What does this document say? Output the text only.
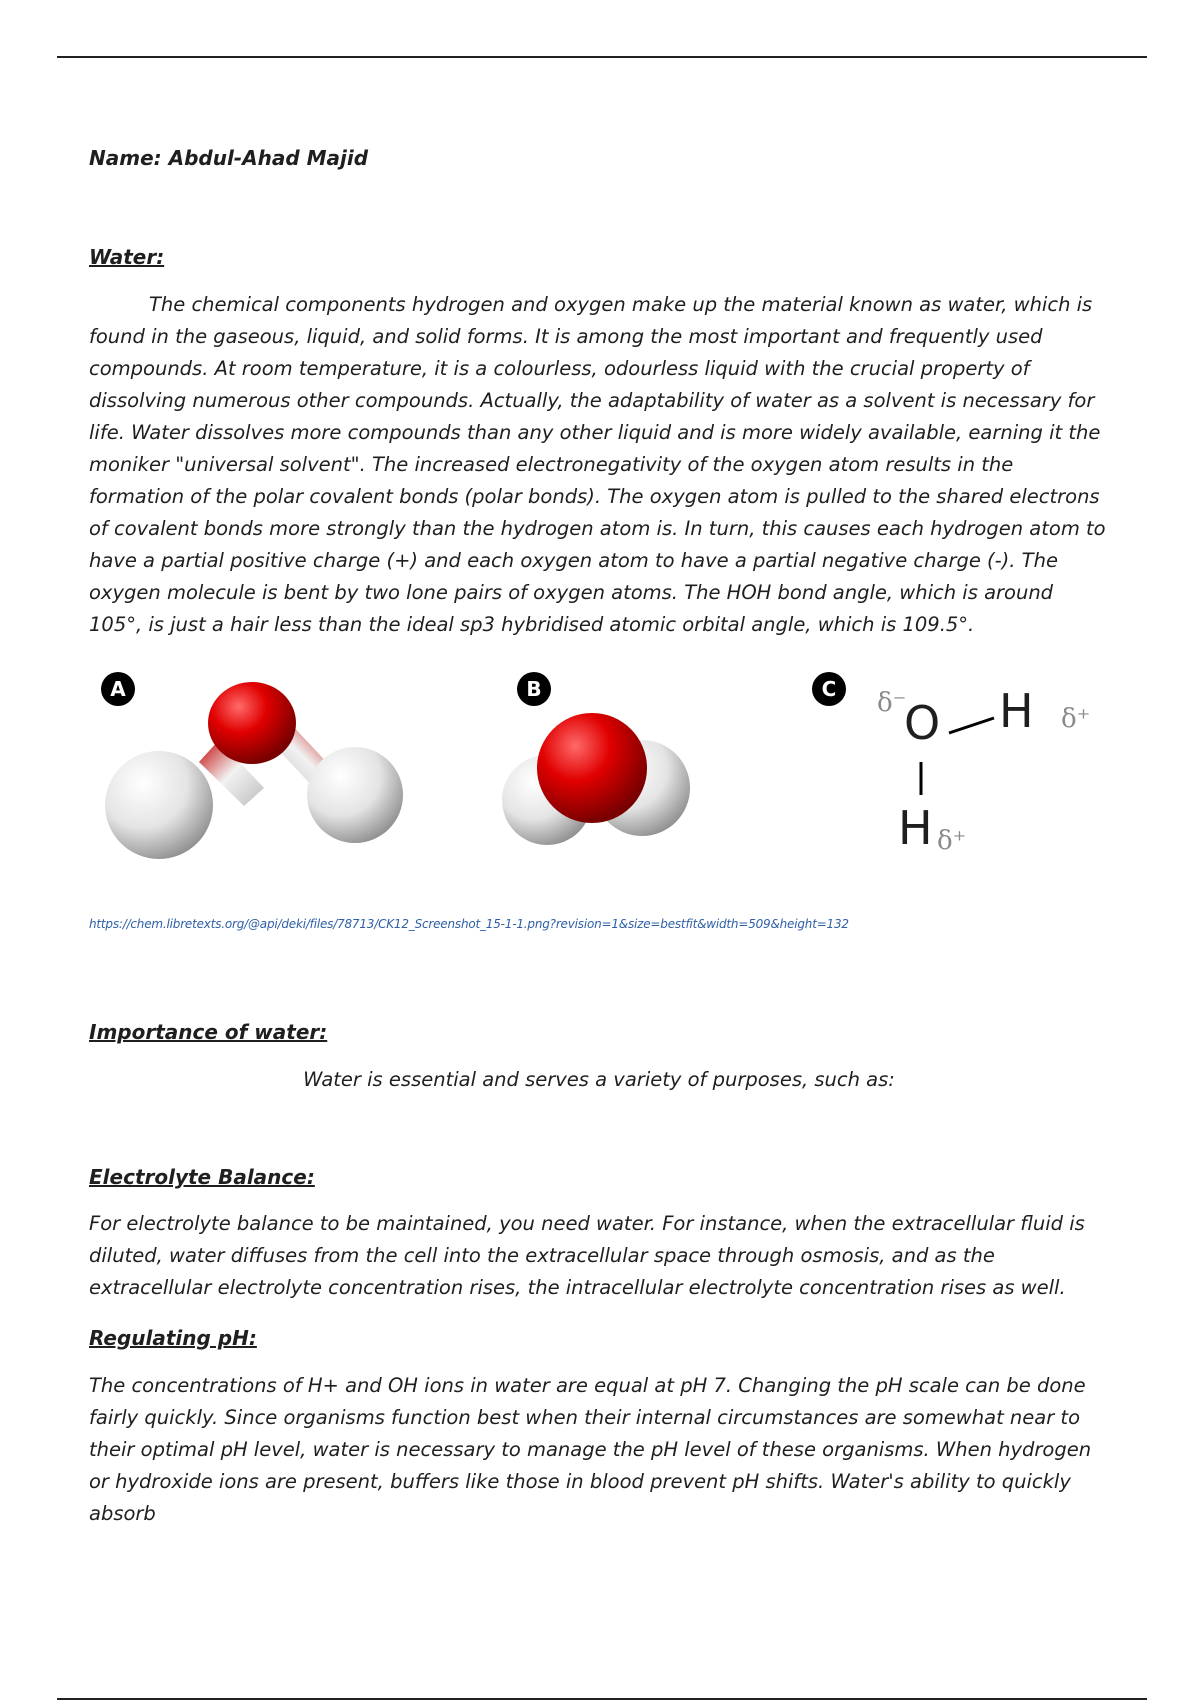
Name: Abdul-Ahad Majid
Water:
The chemical components hydrogen and oxygen make up the material known as water, which is found in the gaseous, liquid, and solid forms. It is among the most important and frequently used compounds. At room temperature, it is a colourless, odourless liquid with the crucial property of dissolving numerous other compounds. Actually, the adaptability of water as a solvent is necessary for life. Water dissolves more compounds than any other liquid and is more widely available, earning it the moniker "universal solvent". The increased electronegativity of the oxygen atom results in the formation of the polar covalent bonds (polar bonds). The oxygen atom is pulled to the shared electrons of covalent bonds more strongly than the hydrogen atom is. In turn, this causes each hydrogen atom to have a partial positive charge (+) and each oxygen atom to have a partial negative charge (-). The oxygen molecule is bent by two lone pairs of oxygen atoms. The HOH bond angle, which is around 105°, is just a hair less than the ideal sp3 hybridised atomic orbital angle, which is 109.5°.
A	B	C	δ⁻
O H δ⁺
H δ⁺
https://chem.libretexts.org/@api/deki/files/78713/CK12_Screenshot_15-1-1.png?revision=1&size=bestfit&width=509&height=132
Importance of water:
Water is essential and serves a variety of purposes, such as:
Electrolyte Balance:
For electrolyte balance to be maintained, you need water. For instance, when the extracellular fluid is diluted, water diffuses from the cell into the extracellular space through osmosis, and as the extracellular electrolyte concentration rises, the intracellular electrolyte concentration rises as well.
Regulating pH:
The concentrations of H+ and OH ions in water are equal at pH 7. Changing the pH scale can be done fairly quickly. Since organisms function best when their internal circumstances are somewhat near to their optimal pH level, water is necessary to manage the pH level of these organisms. When hydrogen or hydroxide ions are present, buffers like those in blood prevent pH shifts. Water's ability to quickly absorb
